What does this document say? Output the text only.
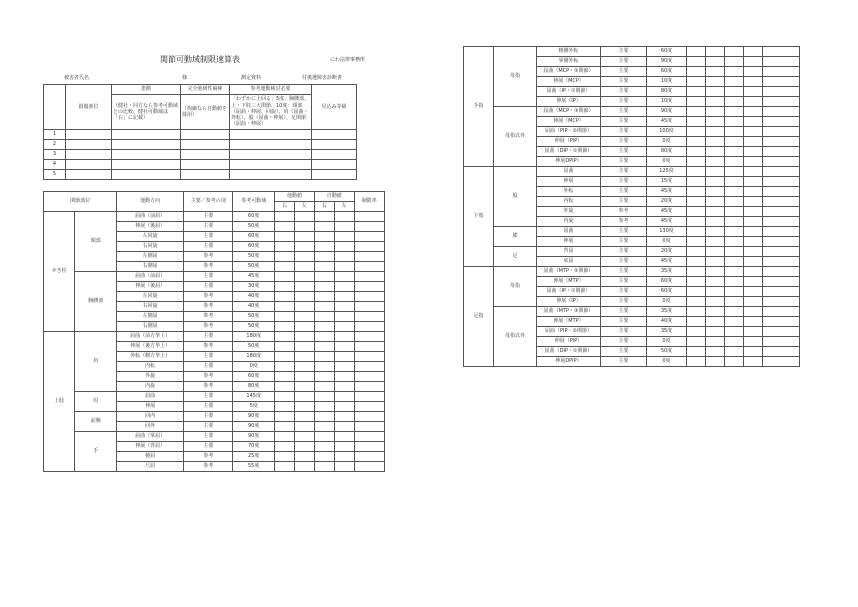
関節可動域制限速算表	にわ法律事務所
被害者氏名	様	測定資料	付後遺障害診断書
	損傷部位	患側	完全弛緩性麻痺	参考運動検討必要	見込み等級
		（健社・同方なら参考可動域との比較、健社可動域は「右」に記載）	（拘縮なら自動値を採用）	「わずかに上回る」5度：胸腰部、上・下肢三大関節、10度：頸部（屈曲・伸展、回旋）、肩（屈曲・外転）、股（屈曲・伸展）、足関節（屈曲・伸展）	
1					
2					
3					
4					
5					
関節部位		運動方向	主要／参考の別	参考可動域	他動値		自動値		制限率
					右	左	右	左	
せき柱	頸部	屈曲（前屈）	主要	60度					
		伸展（後屈）	主要	50度					
		左回旋	主要	60度					
		右回旋	主要	60度					
		左側屈	参考	50度					
		右側屈	参考	50度					
	胸腰部	屈曲（前屈）	主要	45度					
		伸展（後屈）	主要	30度					
		左回旋	参考	40度					
		右回旋	参考	40度					
		左側屈	参考	50度					
		右側屈	参考	50度					
上肢	肩	屈曲（前方挙上）	主要	180度					
		伸展（後方挙上）	参考	50度					
		外転（側方挙上）	主要	180度					
		内転	主要	0度					
		外旋	参考	60度					
		内旋	参考	80度					
	肘	屈曲	主要	145度					
		伸展	主要	5度					
	前腕	回内	主要	90度					
		回外	主要	90度					
	手	屈曲（掌屈）	主要	90度					
		伸展（背屈）	主要	70度					
		橈屈	参考	25度					
		尺屈	参考	55度					
手指	母指	橈側外転	主要	60度					
		掌側外転	主要	90度					
		屈曲（MCP・②関節）	主要	60度					
		伸展（MCP）	主要	10度					
		屈曲（IP・①関節）	主要	80度					
		伸展（IP）	主要	10度					
	母指以外	屈曲（MCP・③関節）	主要	90度					
		伸展（MCP）	主要	45度					
		屈曲（PIP・②関節）	主要	100度					
		伸展（PIP）	主要	0度					
		屈曲（DIP・①関節）	主要	80度					
		伸展DPIP）	主要	0度					
下肢	股	屈曲	主要	125度					
		伸展	主要	15度					
		外転	主要	45度					
		内転	主要	20度					
		外旋	参考	45度					
		内旋	参考	45度					
	膝	屈曲	主要	130度					
		伸展	主要	0度					
	足	背屈	主要	20度					
		底屈	主要	45度					
足指	母指	屈曲（MTP・②関節）	主要	35度					
		伸展（MTP）	主要	60度					
		屈曲（IP・①関節）	主要	60度					
		伸展（IP）	主要	0度					
	母指以外	屈曲（MTP・③関節）	主要	35度					
		伸展（MTP）	主要	40度					
		屈曲（PIP・②関節）	主要	35度					
		伸展（PIP）	主要	0度					
		屈曲（DIP・①関節）	主要	50度					
		伸展DPIP）	主要	0度					
